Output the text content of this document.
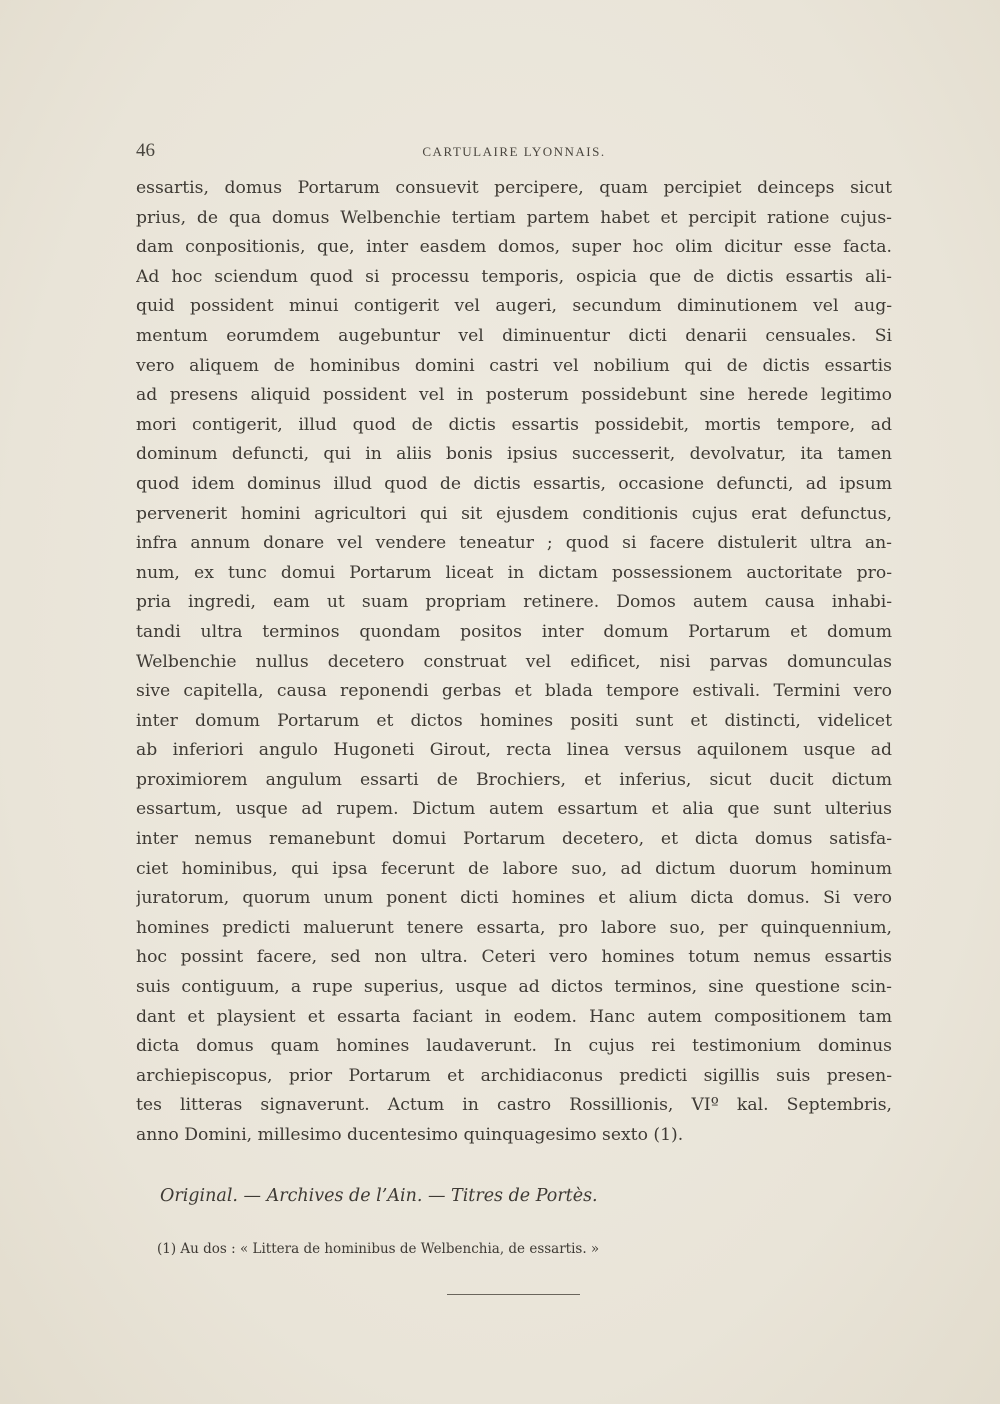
46	CARTULAIRE LYONNAIS.
essartis, domus Portarum consuevit percipere, quam percipiet deinceps sicut
prius, de qua domus Welbenchie tertiam partem habet et percipit ratione cujus-
dam conpositionis, que, inter easdem domos, super hoc olim dicitur esse facta.
Ad hoc sciendum quod si processu temporis, ospicia que de dictis essartis ali-
quid possident minui contigerit vel augeri, secundum diminutionem vel aug-
mentum eorumdem augebuntur vel diminuentur dicti denarii censuales. Si
vero aliquem de hominibus domini castri vel nobilium qui de dictis essartis
ad presens aliquid possident vel in posterum possidebunt sine herede legitimo
mori contigerit, illud quod de dictis essartis possidebit, mortis tempore, ad
dominum defuncti, qui in aliis bonis ipsius successerit, devolvatur, ita tamen
quod idem dominus illud quod de dictis essartis, occasione defuncti, ad ipsum
pervenerit homini agricultori qui sit ejusdem conditionis cujus erat defunctus,
infra annum donare vel vendere teneatur ; quod si facere distulerit ultra an-
num, ex tunc domui Portarum liceat in dictam possessionem auctoritate pro-
pria ingredi, eam ut suam propriam retinere. Domos autem causa inhabi-
tandi ultra terminos quondam positos inter domum Portarum et domum
Welbenchie nullus decetero construat vel edificet, nisi parvas domunculas
sive capitella, causa reponendi gerbas et blada tempore estivali. Termini vero
inter domum Portarum et dictos homines positi sunt et distincti, videlicet
ab inferiori angulo Hugoneti Girout, recta linea versus aquilonem usque ad
proximiorem angulum essarti de Brochiers, et inferius, sicut ducit dictum
essartum, usque ad rupem. Dictum autem essartum et alia que sunt ulterius
inter nemus remanebunt domui Portarum decetero, et dicta domus satisfa-
ciet hominibus, qui ipsa fecerunt de labore suo, ad dictum duorum hominum
juratorum, quorum unum ponent dicti homines et alium dicta domus. Si vero
homines predicti maluerunt tenere essarta, pro labore suo, per quinquennium,
hoc possint facere, sed non ultra. Ceteri vero homines totum nemus essartis
suis contiguum, a rupe superius, usque ad dictos terminos, sine questione scin-
dant et playsient et essarta faciant in eodem. Hanc autem compositionem tam
dicta domus quam homines laudaverunt. In cujus rei testimonium dominus
archiepiscopus, prior Portarum et archidiaconus predicti sigillis suis presen-
tes litteras signaverunt. Actum in castro Rossillionis, VIº kal. Septembris,
anno Domini, millesimo ducentesimo quinquagesimo sexto (1).
Original. — Archives de l’Ain. — Titres de Portès.
(1) Au dos : « Littera de hominibus de Welbenchia, de essartis. »
